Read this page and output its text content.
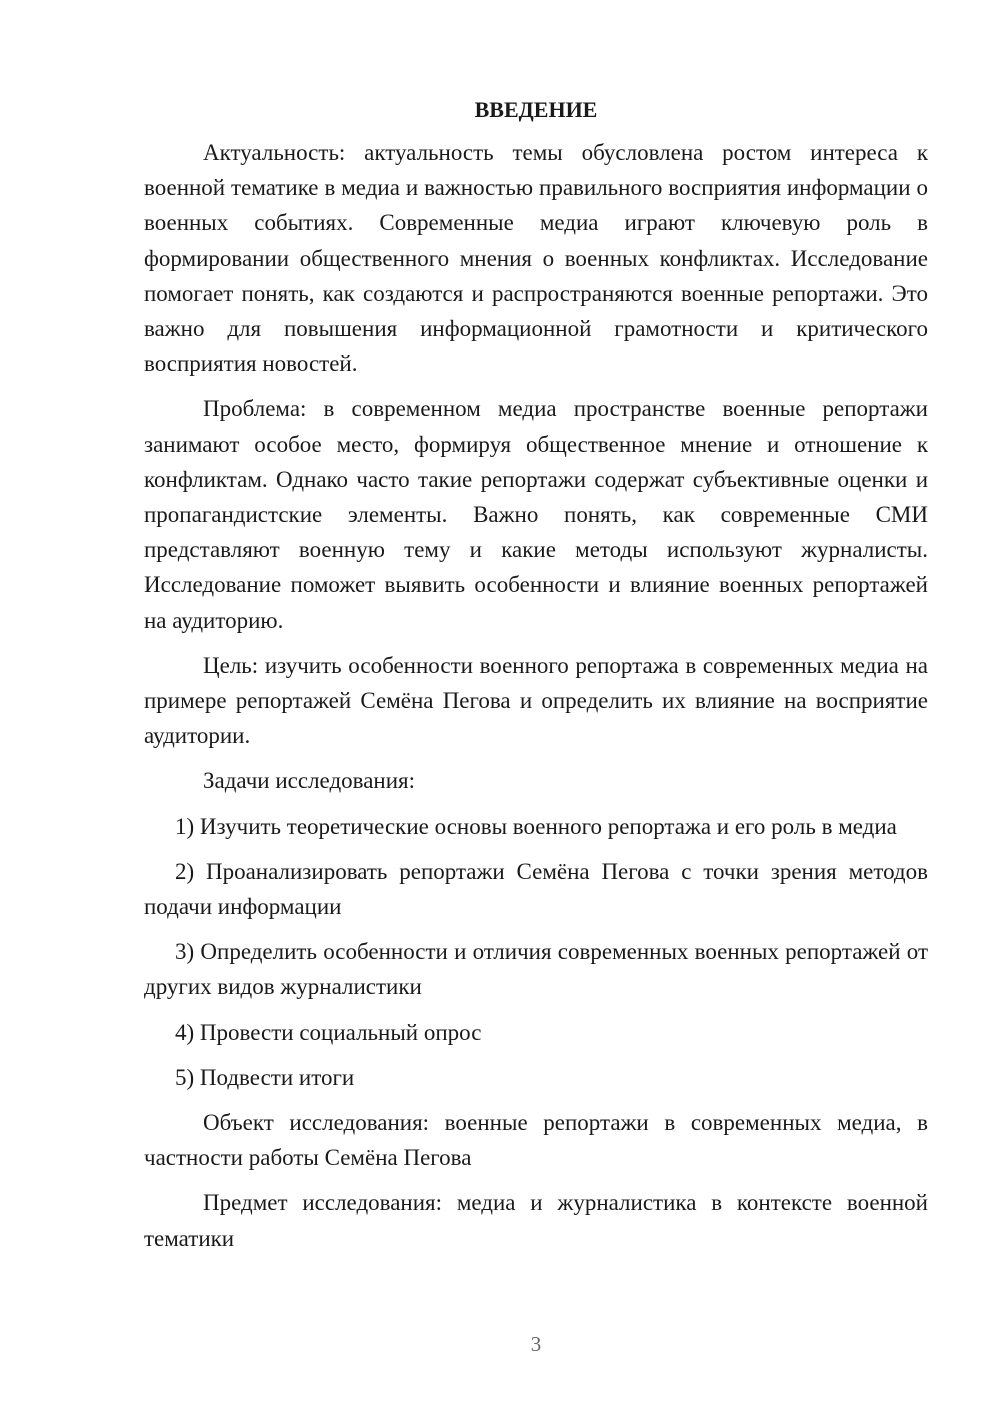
ВВЕДЕНИЕ

Актуальность: актуальность темы обусловлена ростом интереса к военной тематике в медиа и важностью правильного восприятия информации о военных событиях. Современные медиа играют ключевую роль в формировании общественного мнения о военных конфликтах. Исследование помогает понять, как создаются и распространяются военные репортажи. Это важно для повышения информационной грамотности и критического восприятия новостей.

Проблема: в современном медиа пространстве военные репортажи занимают особое место, формируя общественное мнение и отношение к конфликтам. Однако часто такие репортажи содержат субъективные оценки и пропагандистские элементы. Важно понять, как современные СМИ представляют военную тему и какие методы используют журналисты. Исследование поможет выявить особенности и влияние военных репортажей на аудиторию.

Цель: изучить особенности военного репортажа в современных медиа на примере репортажей Семёна Пегова и определить их влияние на восприятие аудитории.

Задачи исследования:

1) Изучить теоретические основы военного репортажа и его роль в медиа

2) Проанализировать репортажи Семёна Пегова с точки зрения методов подачи информации

3) Определить особенности и отличия современных военных репортажей от других видов журналистики

4) Провести социальный опрос

5) Подвести итоги

Объект исследования: военные репортажи в современных медиа, в частности работы Семёна Пегова

Предмет исследования: медиа и журналистика в контексте военной тематики

3
